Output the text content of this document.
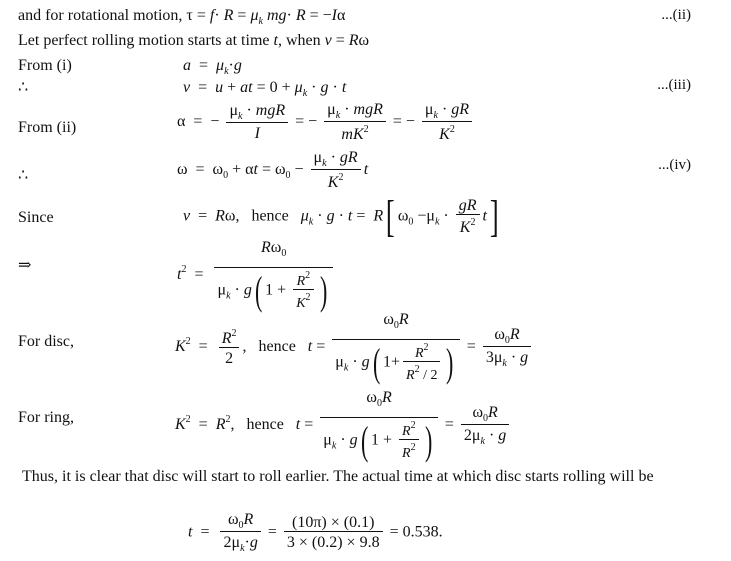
and for rotational motion, $\tau = f\cdot R = \mu_k$ mg· R = −Iα	...(ii)
Let perfect rolling motion starts at time t, when v = Rω
From (i)	$a = \mu_k\cdot g$
∴	v  =  u + at = $0 + \mu_k \cdot g \cdot t$	...(iii)
From (ii)	α  =  − $\frac{\mu_k \cdot mgR}{I}$ = − $\frac{\mu_k \cdot mgR}{mK^2}$ = − $\frac{\mu_k \cdot gR}{K^2}$
∴	$\omega = \omega_0 + \alpha t = \omega_0 - \frac{\mu_k \cdot gR}{K^2}$ t	...(iv)
Since	v  =  Rω,   hence $\mu_k \cdot g \cdot t = R$[ $\omega_0 -\mu_k \cdot \frac{gR}{K^2} t$]
⇒
$t^2 = \frac{R\omega_0}{\mu_k \cdot g( 1 + \frac{R^2}{K^2} )}$
For disc,	$K^2 = \frac{R^2}{2}$ ,   hence $t = \frac{\omega_0R}{\mu_k \cdot g( 1+ \frac{R^2}{R^2 / 2} )} = \frac{\omega_0R}{3\mu_k \cdot g}$
For ring,	$K^2 = R^2$,   hence $t = \frac{\omega_0R}{\mu_k \cdot g( 1 + \frac{R^2}{R^2} )} = \frac{\omega_0R}{2\mu_k \cdot g}$
Thus, it is clear that disc will start to roll earlier. The actual time at which disc starts rolling will be
$t = \frac{\omega_0R}{2\mu_k\cdot g} = \frac{(10\pi) \times (0.1)}{3 \times (0.2) \times 9.8} = 0.538$.
